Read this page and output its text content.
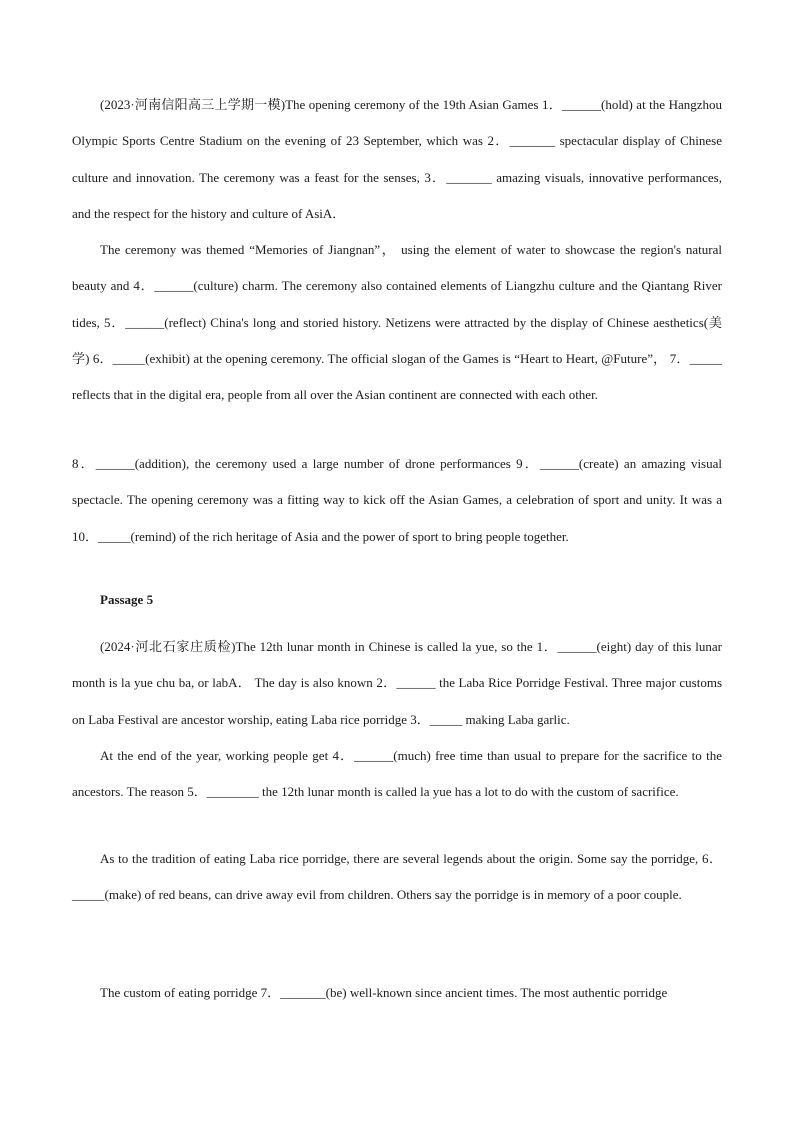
(2023·河南信阳高三上学期一模)The opening ceremony of the 19th Asian Games 1．______(hold) at the Hangzhou Olympic Sports Centre Stadium on the evening of 23 September, which was 2．_______ spectacular display of Chinese culture and innovation. The ceremony was a feast for the senses, 3．_______ amazing visuals, innovative performances, and the respect for the history and culture of AsiA．

The ceremony was themed “Memories of Jiangnan”， using the element of water to showcase the region's natural beauty and 4．______(culture) charm. The ceremony also contained elements of Liangzhu culture and the Qiantang River tides, 5．______(reflect) China's long and storied history. Netizens were attracted by the display of Chinese aesthetics(美学) 6．_____(exhibit) at the opening ceremony. The official slogan of the Games is “Heart to Heart, @Future”， 7．_____ reflects that in the digital era, people from all over the Asian continent are connected with each other.

8．______(addition), the ceremony used a large number of drone performances 9．______(create) an amazing visual spectacle. The opening ceremony was a fitting way to kick off the Asian Games, a celebration of sport and unity. It was a 10．_____(remind) of the rich heritage of Asia and the power of sport to bring people together.

Passage 5

(2024·河北石家庄质检)The 12th lunar month in Chinese is called la yue, so the 1．______(eight) day of this lunar month is la yue chu ba, or labA． The day is also known 2．______ the Laba Rice Porridge Festival. Three major customs on Laba Festival are ancestor worship, eating Laba rice porridge 3．_____ making Laba garlic.

At the end of the year, working people get 4．______(much) free time than usual to prepare for the sacrifice to the ancestors. The reason 5．________ the 12th lunar month is called la yue has a lot to do with the custom of sacrifice.

As to the tradition of eating Laba rice porridge, there are several legends about the origin. Some say the porridge, 6．_____(make) of red beans, can drive away evil from children. Others say the porridge is in memory of a poor couple.

The custom of eating porridge 7．_______(be) well-known since ancient times. The most authentic porridge
